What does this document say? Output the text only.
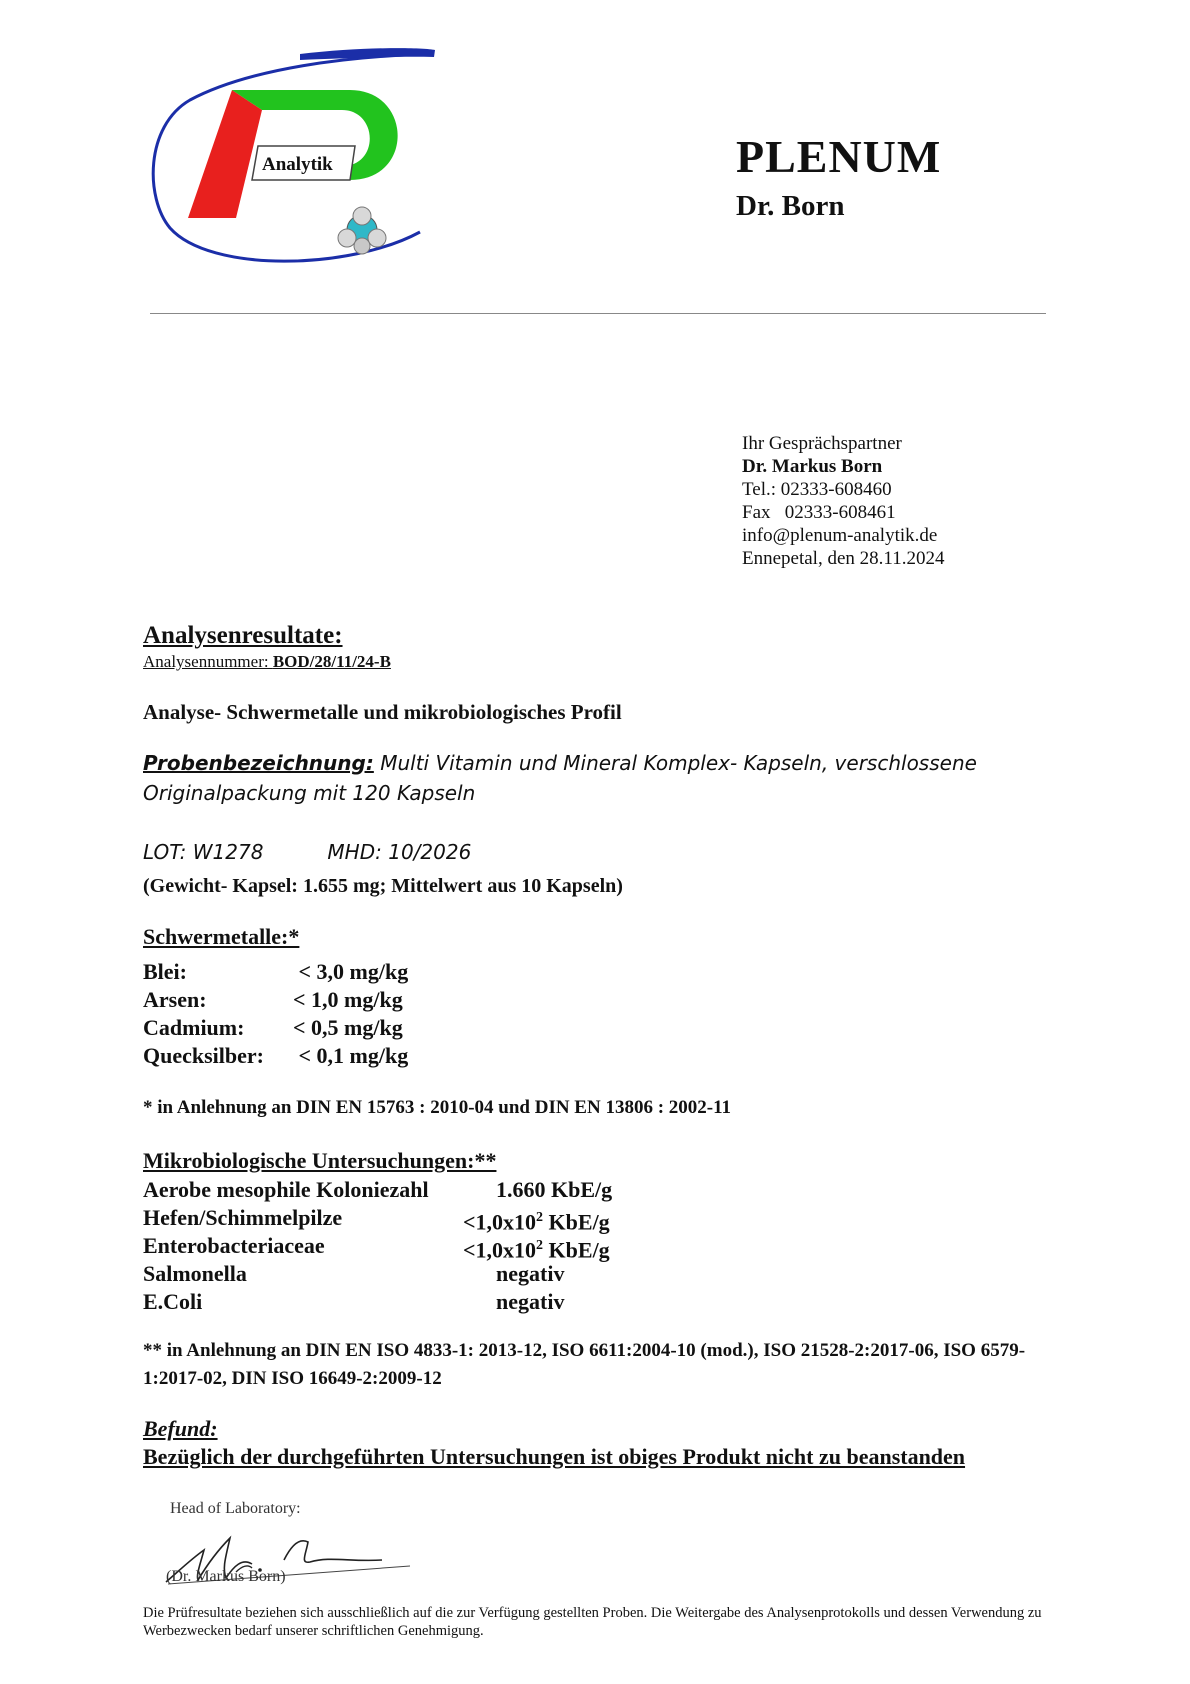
Analytik	PLENUM
Dr. Born
Ihr Gesprächspartner
Dr. Markus Born
Tel.: 02333-608460
Fax   02333-608461
info@plenum-analytik.de
Ennepetal, den 28.11.2024
Analysenresultate:
Analysennummer: BOD/28/11/24-B
Analyse- Schwermetalle und mikrobiologisches Profil
Probenbezeichnung: Multi Vitamin und Mineral Komplex- Kapseln, verschlossene Originalpackung mit 120 Kapseln
LOT: W1278	MHD: 10/2026
(Gewicht- Kapsel: 1.655 mg; Mittelwert aus 10 Kapseln)
Schwermetalle:*
Blei:	< 3,0 mg/kg
Arsen:	< 1,0 mg/kg
Cadmium: < 0,5 mg/kg
Quecksilber: < 0,1 mg/kg
* in Anlehnung an DIN EN 15763 : 2010-04 und DIN EN 13806 : 2002-11
Mikrobiologische Untersuchungen:**
Aerobe mesophile Koloniezahl	1.660 KbE/g
Hefen/Schimmelpilze	$<1,0x10^2$ KbE/g
Enterobacteriaceae	$<1,0x10^2$ KbE/g
Salmonella	negativ
E.Coli	negativ
** in Anlehnung an DIN EN ISO 4833-1: 2013-12, ISO 6611:2004-10 (mod.), ISO 21528-2:2017-06, ISO 6579-1:2017-02, DIN ISO 16649-2:2009-12
Befund:
Bezüglich der durchgeführten Untersuchungen ist obiges Produkt nicht zu beanstanden
Head of Laboratory:
(Dr. Markus Born)
Die Prüfresultate beziehen sich ausschließlich auf die zur Verfügung gestellten Proben. Die Weitergabe des Analysenprotokolls und dessen Verwendung zu Werbezwecken bedarf unserer schriftlichen Genehmigung.
